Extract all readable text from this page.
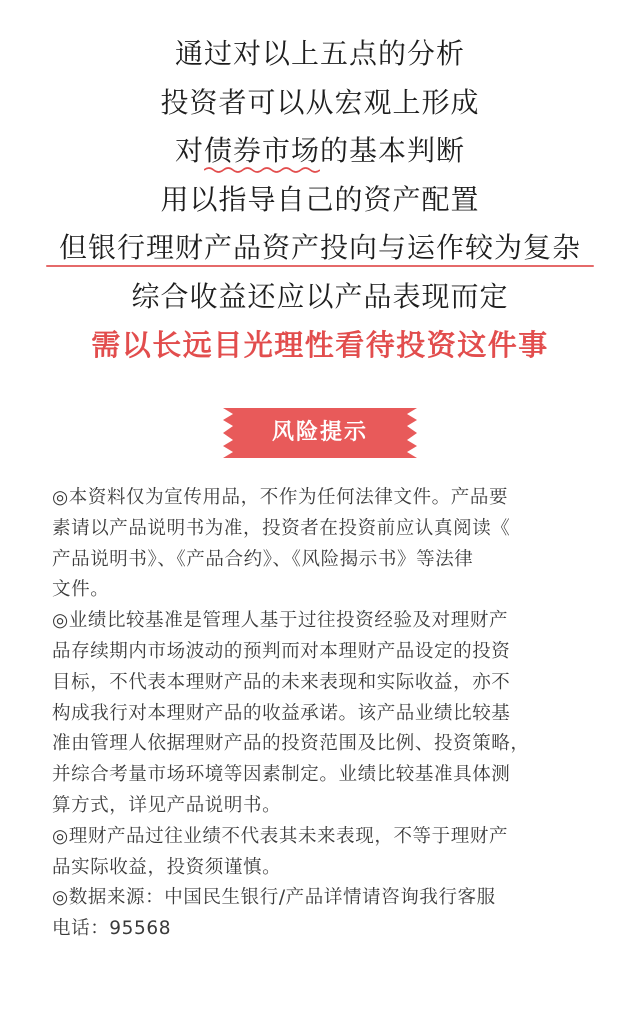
通过对以上五点的分析
投资者可以从宏观上形成
对债券市场
的基本判断
用以指导自己的资产配置
但银行理财产品资产投向与运作较为复杂
综合收益还应以产品表现而定
需以长远目光理性看待投资这件事
风险提示
◎本资料仅为宣传用品，不作为任何法律文件。产品要
素请以产品说明书为准，投资者在投资前应认真阅读《
产品说明书》、《产品合约》、《风险揭示书》等法律
文件。
◎业绩比较基准是管理人基于过往投资经验及对理财产
品存续期内市场波动的预判而对本理财产品设定的投资
目标，不代表本理财产品的未来表现和实际收益，亦不
构成我行对本理财产品的收益承诺。该产品业绩比较基
准由管理人依据理财产品的投资范围及比例、投资策略，
并综合考量市场环境等因素制定。业绩比较基准具体测
算方式，详见产品说明书。
◎理财产品过往业绩不代表其未来表现，不等于理财产
品实际收益，投资须谨慎。
◎数据来源：中国民生银行/产品详情请咨询我行客服
电话：95568
